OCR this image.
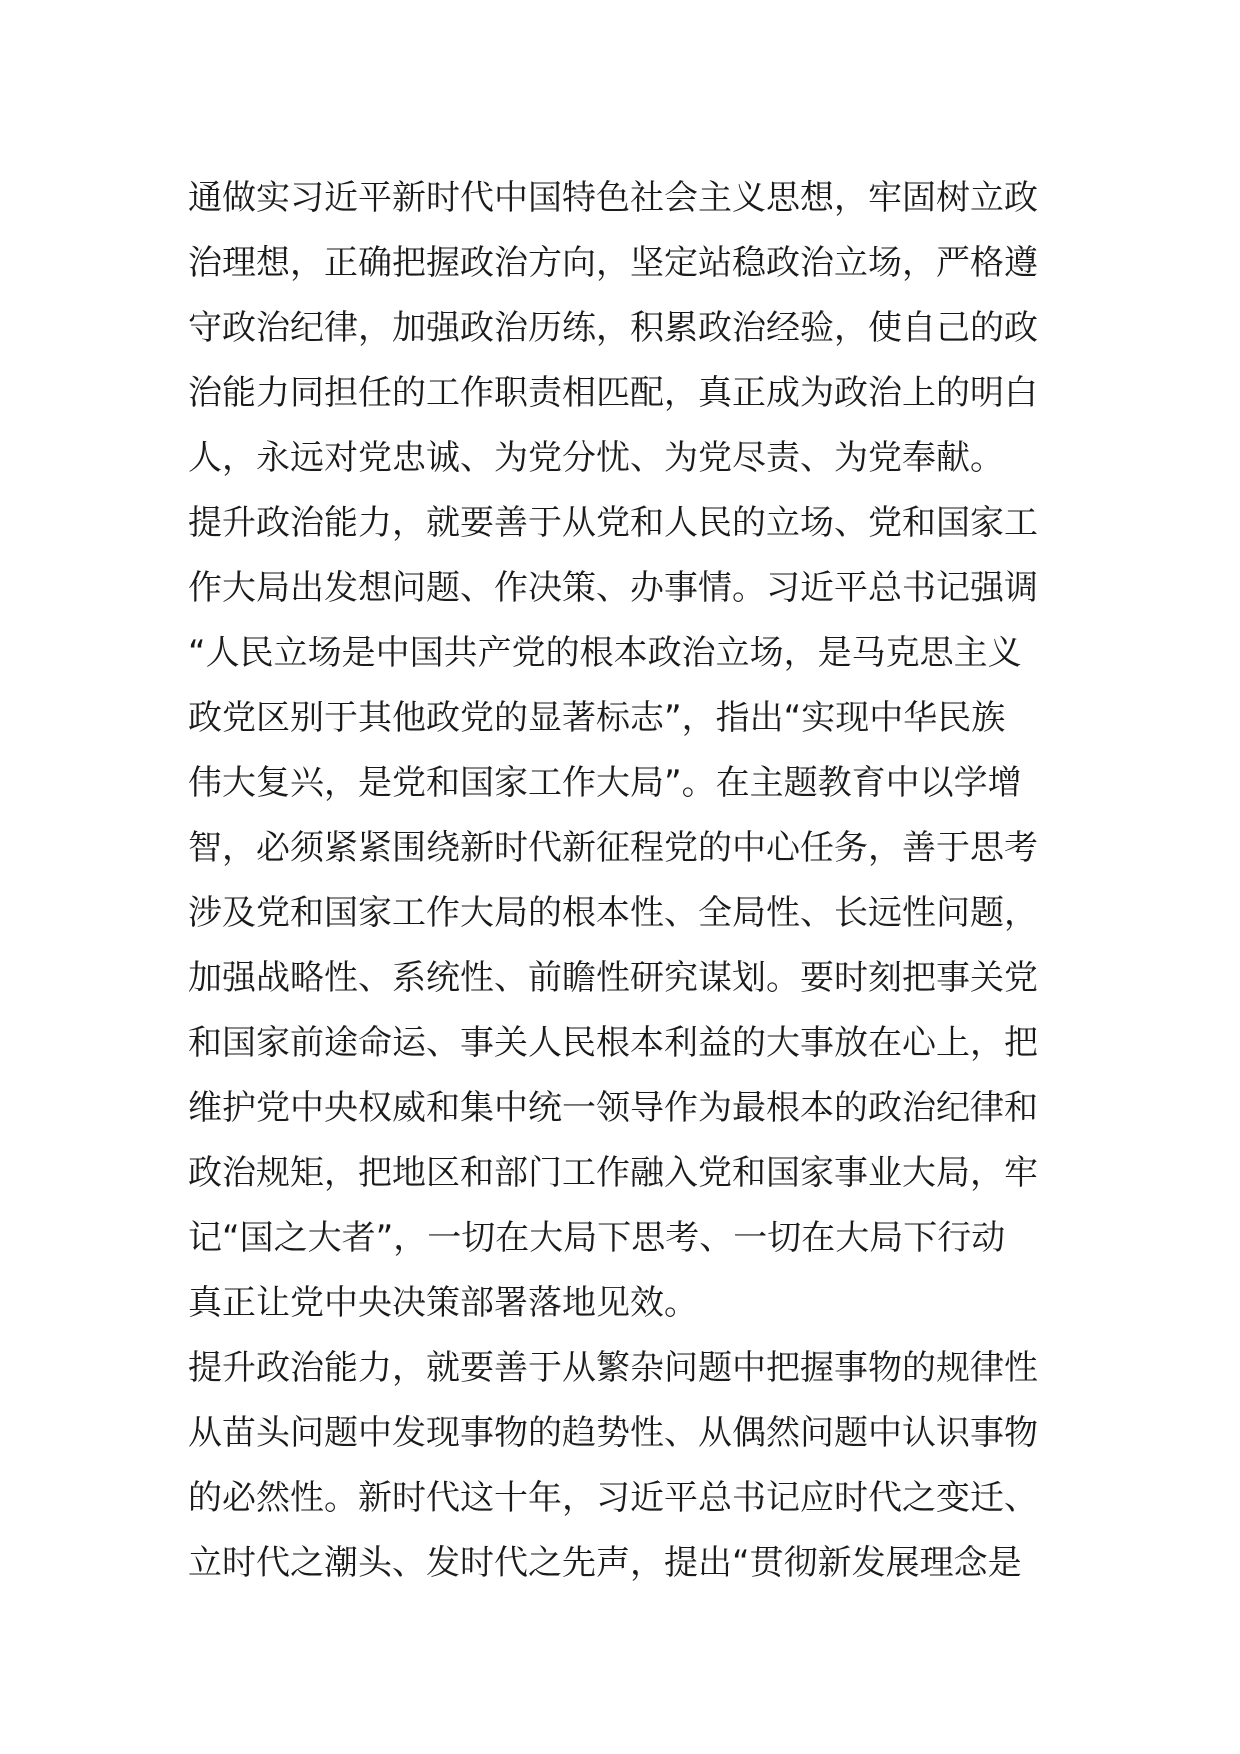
通做实习近平新时代中国特色社会主义思想，牢固树立政
治理想，正确把握政治方向，坚定站稳政治立场，严格遵
守政治纪律，加强政治历练，积累政治经验，使自己的政
治能力同担任的工作职责相匹配，真正成为政治上的明白
人，永远对党忠诚、为党分忧、为党尽责、为党奉献。
提升政治能力，就要善于从党和人民的立场、党和国家工
作大局出发想问题、作决策、办事情。习近平总书记强调
“人民立场是中国共产党的根本政治立场，是马克思主义
政党区别于其他政党的显著标志”，指出“实现中华民族
伟大复兴，是党和国家工作大局”。在主题教育中以学增
智，必须紧紧围绕新时代新征程党的中心任务，善于思考
涉及党和国家工作大局的根本性、全局性、长远性问题，
加强战略性、系统性、前瞻性研究谋划。要时刻把事关党
和国家前途命运、事关人民根本利益的大事放在心上，把
维护党中央权威和集中统一领导作为最根本的政治纪律和
政治规矩，把地区和部门工作融入党和国家事业大局，牢
记“国之大者”，一切在大局下思考、一切在大局下行动
真正让党中央决策部署落地见效。
提升政治能力，就要善于从繁杂问题中把握事物的规律性
从苗头问题中发现事物的趋势性、从偶然问题中认识事物
的必然性。新时代这十年，习近平总书记应时代之变迁、
立时代之潮头、发时代之先声，提出“贯彻新发展理念是
